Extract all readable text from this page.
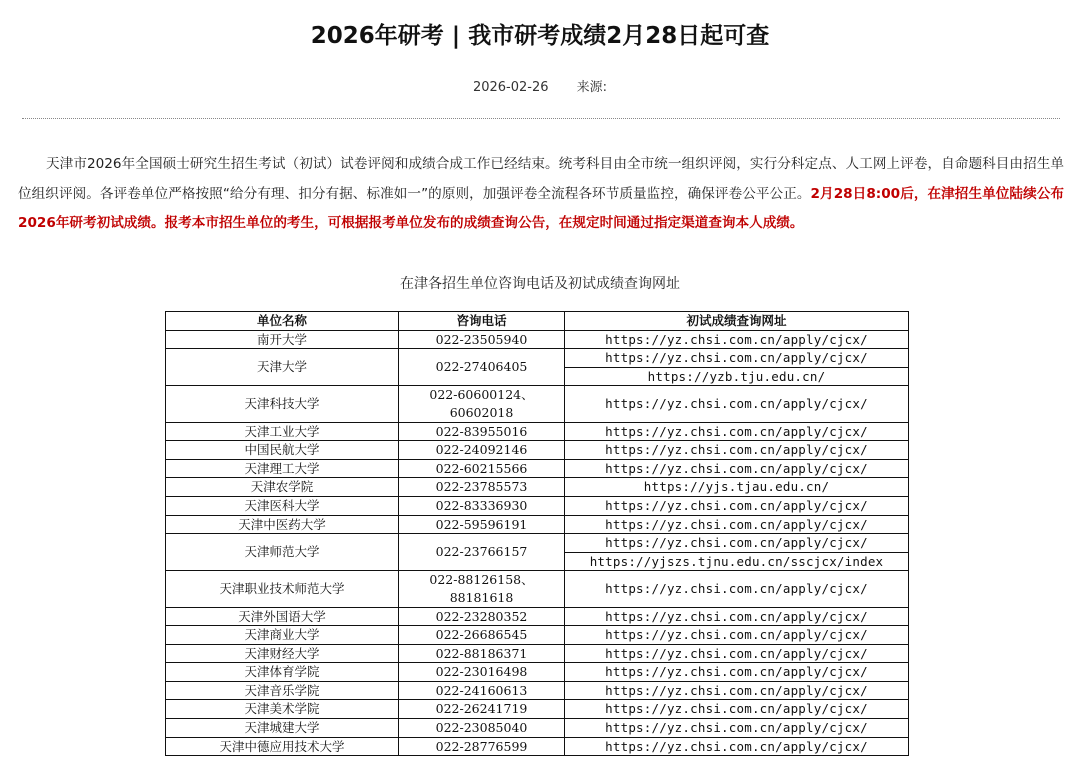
2026年研考 | 我市研考成绩2月28日起可查
2026-02-26 来源:

天津市2026年全国硕士研究生招生考试（初试）试卷评阅和成绩合成工作已经结束。统考科目由全市统一组织评阅，实行分科定点、人工网上评卷，自命题科目由招生单位组织评阅。各评卷单位严格按照“给分有理、扣分有据、标准如一”的原则，加强评卷全流程各环节质量监控，确保评卷公平公正。2月28日8:00后，在津招生单位陆续公布2026年研考初试成绩。报考本市招生单位的考生，可根据报考单位发布的成绩查询公告，在规定时间通过指定渠道查询本人成绩。

在津各招生单位咨询电话及初试成绩查询网址
单位名称	咨询电话	初试成绩查询网址
南开大学	022-23505940	https://yz.chsi.com.cn/apply/cjcx/

天津大学	022-27406405	https://yz.chsi.com.cn/apply/cjcx/
https://yzb.tju.edu.cn/

天津科技大学	022-60600124、
60602018	https://yz.chsi.com.cn/apply/cjcx/

天津工业大学	022-83955016	https://yz.chsi.com.cn/apply/cjcx/

中国民航大学	022-24092146	https://yz.chsi.com.cn/apply/cjcx/

天津理工大学	022-60215566	https://yz.chsi.com.cn/apply/cjcx/

天津农学院	022-23785573	https://yjs.tjau.edu.cn/

天津医科大学	022-83336930	https://yz.chsi.com.cn/apply/cjcx/

天津中医药大学	022-59596191	https://yz.chsi.com.cn/apply/cjcx/

天津师范大学	022-23766157	https://yz.chsi.com.cn/apply/cjcx/
https://yjszs.tjnu.edu.cn/sscjcx/index

天津职业技术师范大学	022-88126158、
88181618	https://yz.chsi.com.cn/apply/cjcx/

天津外国语大学	022-23280352	https://yz.chsi.com.cn/apply/cjcx/

天津商业大学	022-26686545	https://yz.chsi.com.cn/apply/cjcx/

天津财经大学	022-88186371	https://yz.chsi.com.cn/apply/cjcx/

天津体育学院	022-23016498	https://yz.chsi.com.cn/apply/cjcx/

天津音乐学院	022-24160613	https://yz.chsi.com.cn/apply/cjcx/

天津美术学院	022-26241719	https://yz.chsi.com.cn/apply/cjcx/

天津城建大学	022-23085040	https://yz.chsi.com.cn/apply/cjcx/

天津中德应用技术大学	022-28776599	https://yz.chsi.com.cn/apply/cjcx/
